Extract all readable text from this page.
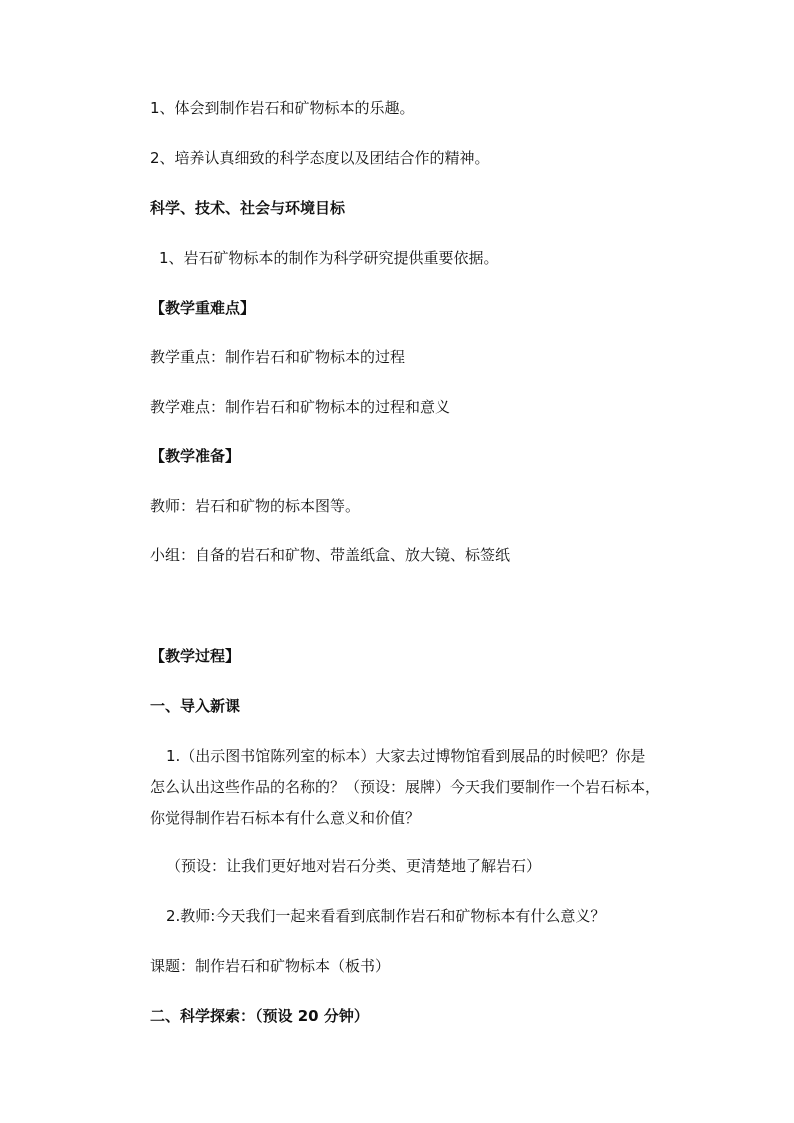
1、体会到制作岩石和矿物标本的乐趣。
2、培养认真细致的科学态度以及团结合作的精神。
科学、技术、社会与环境目标
1、岩石矿物标本的制作为科学研究提供重要依据。
【教学重难点】
教学重点：制作岩石和矿物标本的过程
教学难点：制作岩石和矿物标本的过程和意义
【教学准备】
教师：岩石和矿物的标本图等。
小组：自备的岩石和矿物、带盖纸盒、放大镜、标签纸
【教学过程】
一、导入新课
1.（出示图书馆陈列室的标本）大家去过博物馆看到展品的时候吧？你是
怎么认出这些作品的名称的？（预设：展牌）今天我们要制作一个岩石标本，
你觉得制作岩石标本有什么意义和价值？
（预设：让我们更好地对岩石分类、更清楚地了解岩石）
2.教师:今天我们一起来看看到底制作岩石和矿物标本有什么意义？
课题：制作岩石和矿物标本（板书）
二、科学探索：（预设 20 分钟）
